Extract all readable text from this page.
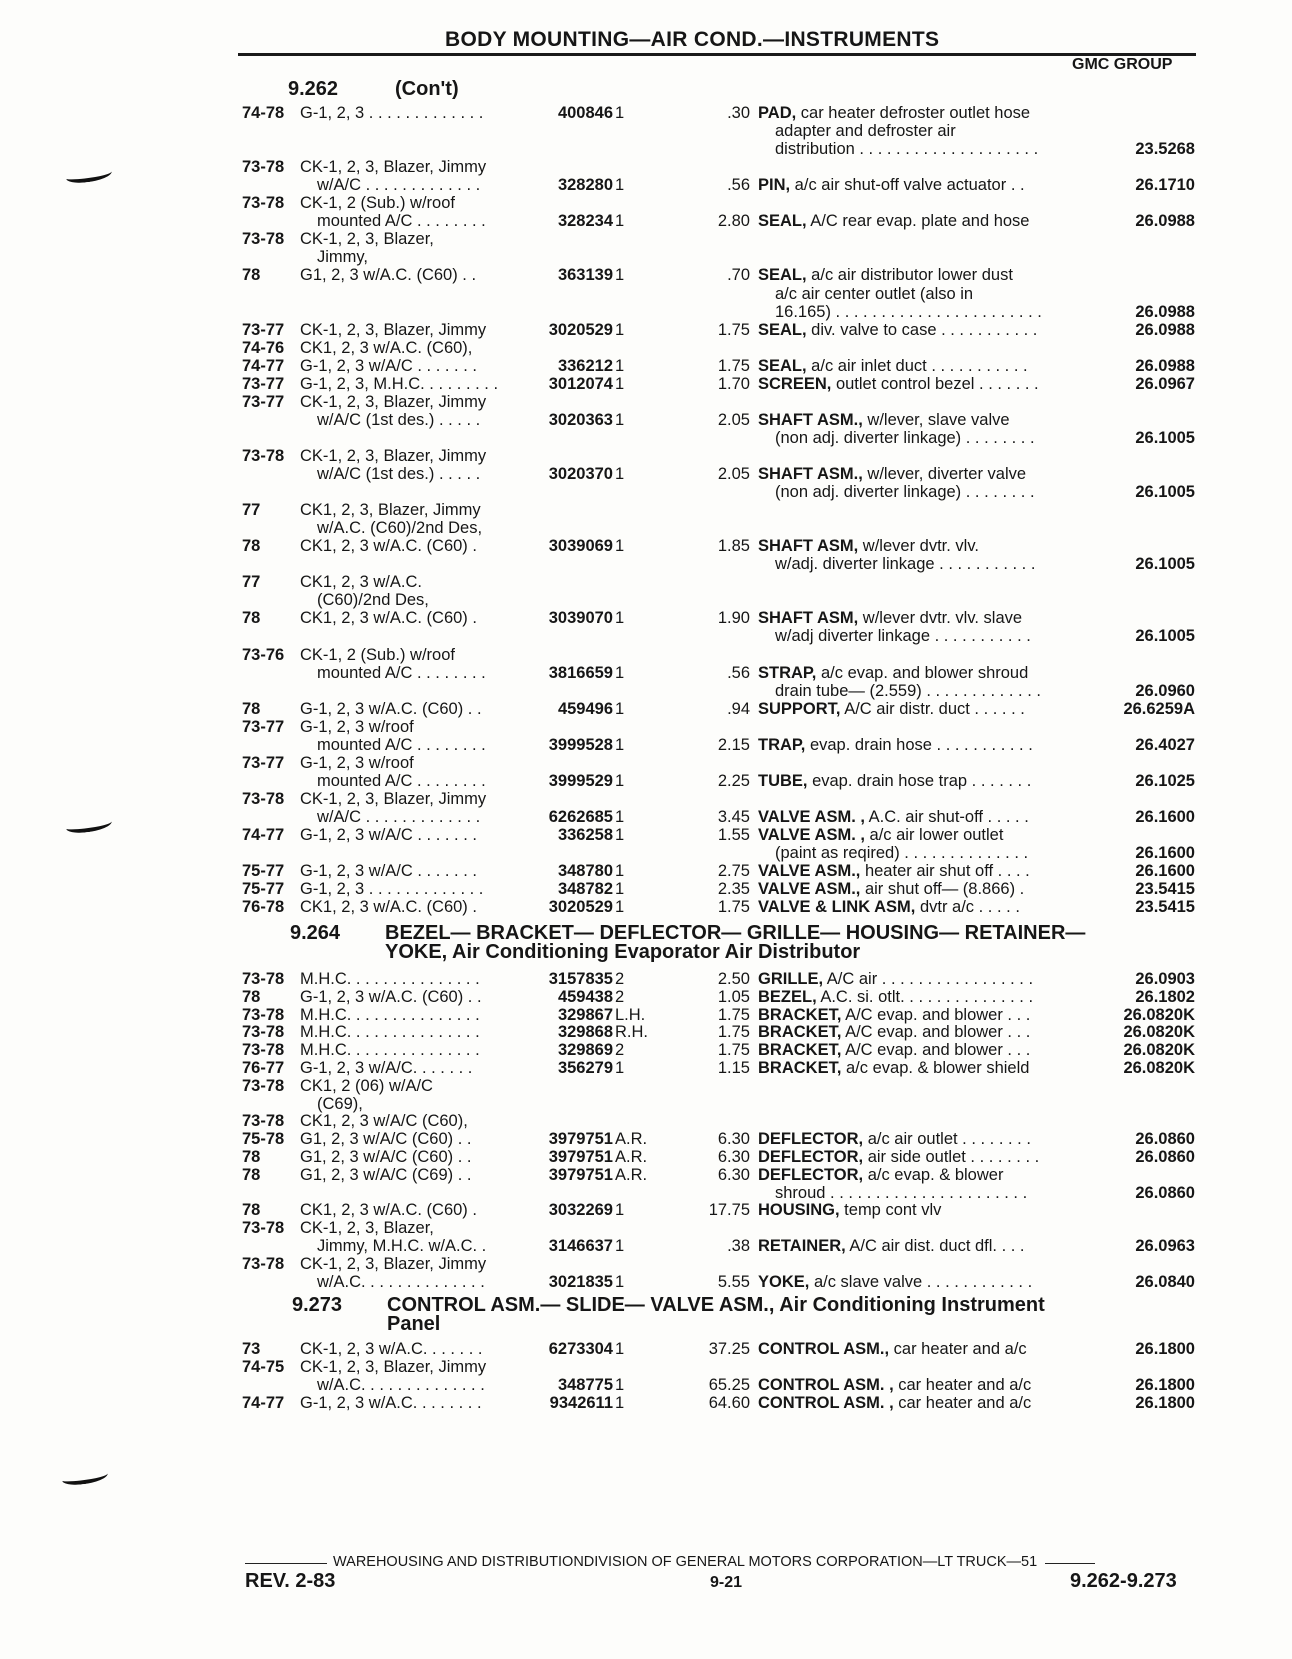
BODY MOUNTING—AIR COND.—INSTRUMENTS
GMC GROUP
9.262	(Con't)
74-78 G-1, 2, 3 . . . . . . . . . . . . .	400846 1	.30 PAD, car heater defroster outlet hose
adapter and defroster air
distribution . . . . . . . . . . . . . . . . . . . .	23.5268
73-78 CK-1, 2, 3, Blazer, Jimmy
w/A/C . . . . . . . . . . . . .	328280 1	.56 PIN, a/c air shut-off valve actuator . .	26.1710
73-78 CK-1, 2 (Sub.) w/roof
mounted A/C . . . . . . . .	328234 1	2.80 SEAL, A/C rear evap. plate and hose	26.0988
73-78 CK-1, 2, 3, Blazer,
Jimmy,
78 G1, 2, 3 w/A.C. (C60) . .	363139 1	.70 SEAL, a/c air distributor lower dust
a/c air center outlet (also in
16.165) . . . . . . . . . . . . . . . . . . . . . . .	26.0988
73-77 CK-1, 2, 3, Blazer, Jimmy	3020529 1	1.75 SEAL, div. valve to case . . . . . . . . . . .	26.0988
74-76 CK1, 2, 3 w/A.C. (C60),
74-77 G-1, 2, 3 w/A/C . . . . . . .	336212 1	1.75 SEAL, a/c air inlet duct . . . . . . . . . . .	26.0988
73-77 G-1, 2, 3, M.H.C. . . . . . . . .	3012074 1	1.70 SCREEN, outlet control bezel . . . . . . .	26.0967
73-77 CK-1, 2, 3, Blazer, Jimmy
w/A/C (1st des.) . . . . .	3020363 1	2.05 SHAFT ASM., w/lever, slave valve
(non adj. diverter linkage) . . . . . . . .	26.1005
73-78 CK-1, 2, 3, Blazer, Jimmy
w/A/C (1st des.) . . . . .	3020370 1	2.05 SHAFT ASM., w/lever, diverter valve
(non adj. diverter linkage) . . . . . . . .	26.1005
77 CK1, 2, 3, Blazer, Jimmy
w/A.C. (C60)/2nd Des,
78 CK1, 2, 3 w/A.C. (C60) .	3039069 1	1.85 SHAFT ASM, w/lever dvtr. vlv.
w/adj. diverter linkage . . . . . . . . . . .	26.1005
77 CK1, 2, 3 w/A.C.
(C60)/2nd Des,
78 CK1, 2, 3 w/A.C. (C60) .	3039070 1	1.90 SHAFT ASM, w/lever dvtr. vlv. slave
w/adj diverter linkage . . . . . . . . . . .	26.1005
73-76 CK-1, 2 (Sub.) w/roof
mounted A/C . . . . . . . .	3816659 1	.56 STRAP, a/c evap. and blower shroud
drain tube— (2.559) . . . . . . . . . . . . .	26.0960
78 G-1, 2, 3 w/A.C. (C60) . .	459496 1	.94 SUPPORT, A/C air distr. duct . . . . . .	26.6259A
73-77 G-1, 2, 3 w/roof
mounted A/C . . . . . . . .	3999528 1	2.15 TRAP, evap. drain hose . . . . . . . . . . .	26.4027
73-77 G-1, 2, 3 w/roof
mounted A/C . . . . . . . .	3999529 1	2.25 TUBE, evap. drain hose trap . . . . . . .	26.1025
73-78 CK-1, 2, 3, Blazer, Jimmy
w/A/C . . . . . . . . . . . . .	6262685 1	3.45 VALVE ASM. , A.C. air shut-off . . . . .	26.1600
74-77 G-1, 2, 3 w/A/C . . . . . . .	336258 1	1.55 VALVE ASM. , a/c air lower outlet
(paint as reqired) . . . . . . . . . . . . . .	26.1600
75-77 G-1, 2, 3 w/A/C . . . . . . .	348780 1	2.75 VALVE ASM., heater air shut off . . . .	26.1600
75-77 G-1, 2, 3 . . . . . . . . . . . . .	348782 1	2.35 VALVE ASM., air shut off— (8.866) .	23.5415
76-78 CK1, 2, 3 w/A.C. (C60) .	3020529 1	1.75 VALVE & LINK ASM, dvtr a/c . . . . .	23.5415
9.264 BEZEL— BRACKET— DEFLECTOR— GRILLE— HOUSING— RETAINER—
YOKE, Air Conditioning Evaporator Air Distributor
73-78 M.H.C. . . . . . . . . . . . . . .	3157835 2	2.50 GRILLE, A/C air . . . . . . . . . . . . . . . . .	26.0903
78 G-1, 2, 3 w/A.C. (C60) . .	459438 2	1.05 BEZEL, A.C. si. otlt. . . . . . . . . . . . . . .	26.1802
73-78 M.H.C. . . . . . . . . . . . . . .	329867 L.H.	1.75 BRACKET, A/C evap. and blower . . .	26.0820K
73-78 M.H.C. . . . . . . . . . . . . . .	329868 R.H.	1.75 BRACKET, A/C evap. and blower . . .	26.0820K
73-78 M.H.C. . . . . . . . . . . . . . .	329869 2	1.75 BRACKET, A/C evap. and blower . . .	26.0820K
76-77 G-1, 2, 3 w/A/C. . . . . . .	356279 1	1.15 BRACKET, a/c evap. & blower shield	26.0820K
73-78 CK1, 2 (06) w/A/C
(C69),
73-78 CK1, 2, 3 w/A/C (C60),
75-78 G1, 2, 3 w/A/C (C60) . .	3979751 A.R.	6.30 DEFLECTOR, a/c air outlet . . . . . . . .	26.0860
78 G1, 2, 3 w/A/C (C60) . .	3979751 A.R.	6.30 DEFLECTOR, air side outlet . . . . . . . .	26.0860
78 G1, 2, 3 w/A/C (C69) . .	3979751 A.R.	6.30 DEFLECTOR, a/c evap. & blower
shroud . . . . . . . . . . . . . . . . . . . . . .	26.0860
78 CK1, 2, 3 w/A.C. (C60) .	3032269 1	17.75 HOUSING, temp cont vlv
73-78 CK-1, 2, 3, Blazer,
Jimmy, M.H.C. w/A.C. .	3146637 1	.38 RETAINER, A/C air dist. duct dfl. . . .	26.0963
73-78 CK-1, 2, 3, Blazer, Jimmy
w/A.C. . . . . . . . . . . . . .	3021835 1	5.55 YOKE, a/c slave valve . . . . . . . . . . . .	26.0840
9.273 CONTROL ASM.— SLIDE— VALVE ASM., Air Conditioning Instrument
Panel
73 CK-1, 2, 3 w/A.C. . . . . . .	6273304 1	37.25 CONTROL ASM., car heater and a/c	26.1800
74-75 CK-1, 2, 3, Blazer, Jimmy
w/A.C. . . . . . . . . . . . . .	348775 1	65.25 CONTROL ASM. , car heater and a/c	26.1800
74-77 G-1, 2, 3 w/A.C. . . . . . . .	9342611 1	64.60 CONTROL ASM. , car heater and a/c	26.1800
WAREHOUSING AND DISTRIBUTIONDIVISION OF GENERAL MOTORS CORPORATION—LT TRUCK—51
REV. 2-83	9-21	9.262-9.273
